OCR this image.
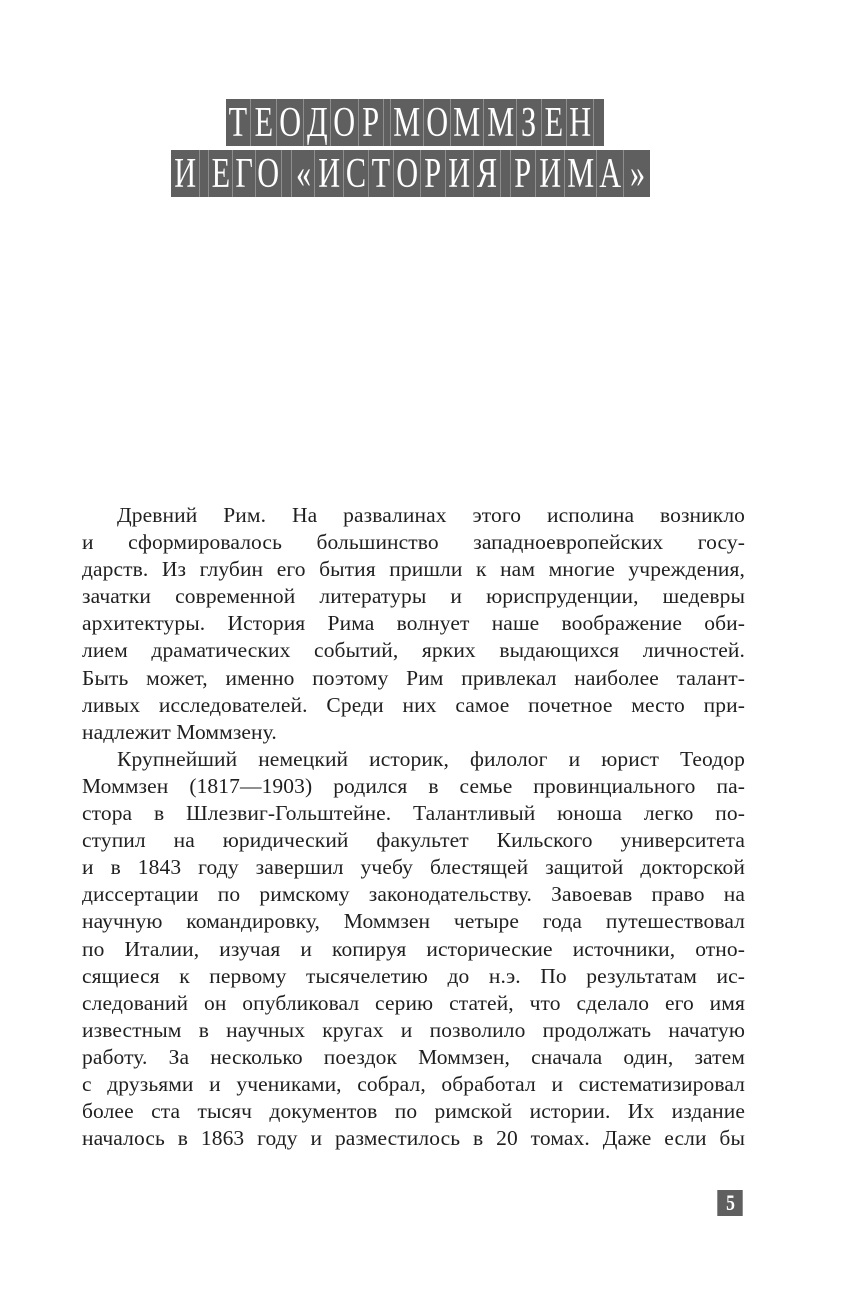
Т Е О Д О Р М О М М З Е Н
И Е Г О « И С Т О Р И Я Р И М А »
Древний Рим. На развалинах этого исполина возникло
и сформировалось большинство западноевропейских госу-
дарств. Из глубин его бытия пришли к нам многие учреждения,
зачатки современной литературы и юриспруденции, шедевры
архитектуры. История Рима волнует наше воображение оби-
лием драматических событий, ярких выдающихся личностей.
Быть может, именно поэтому Рим привлекал наиболее талант-
ливых исследователей. Среди них самое почетное место при-
надлежит Моммзену.
Крупнейший немецкий историк, филолог и юрист Теодор
Моммзен (1817—1903) родился в семье провинциального па-
стора в Шлезвиг-Гольштейне. Талантливый юноша легко по-
ступил на юридический факультет Кильского университета
и в 1843 году завершил учебу блестящей защитой докторской
диссертации по римскому законодательству. Завоевав право на
научную командировку, Моммзен четыре года путешествовал
по Италии, изучая и копируя исторические источники, отно-
сящиеся к первому тысячелетию до н.э. По результатам ис-
следований он опубликовал серию статей, что сделало его имя
известным в научных кругах и позволило продолжать начатую
работу. За несколько поездок Моммзен, сначала один, затем
с друзьями и учениками, собрал, обработал и систематизировал
более ста тысяч документов по римской истории. Их издание
началось в 1863 году и разместилось в 20 томах. Даже если бы
5
